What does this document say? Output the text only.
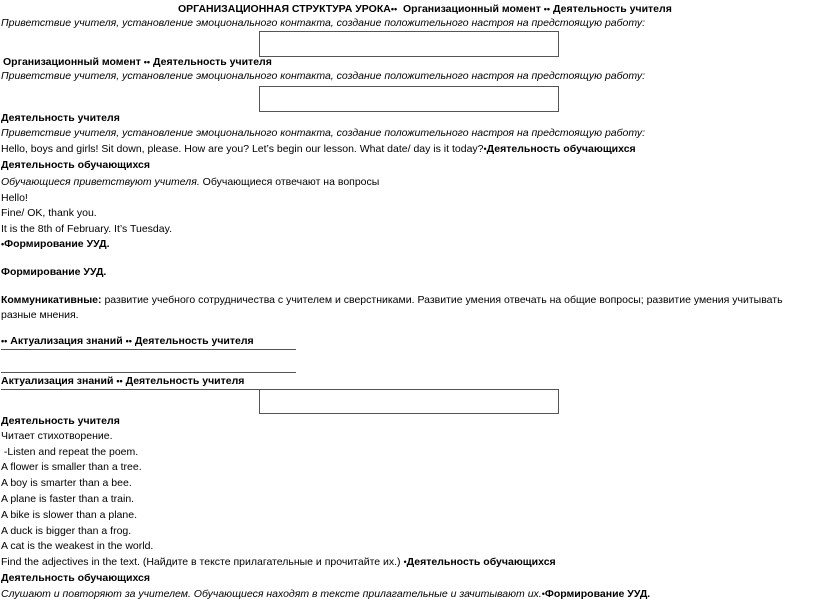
ОРГАНИЗАЦИОННАЯ СТРУКТУРА УРОКА•• Организационный момент •• Деятельность учителя
Приветствие учителя, установление эмоционального контакта, создание положительного настроя на предстоящую работу:
Организационный момент •• Деятельность учителя
Приветствие учителя, установление эмоционального контакта, создание положительного настроя на предстоящую работу:
Деятельность учителя
Приветствие учителя, установление эмоционального контакта, создание положительного настроя на предстоящую работу:
Hello, boys and girls! Sit down, please. How are you? Let’s begin our lesson. What date/ day is it today?•Деятельность обучающихся
Деятельность обучающихся
Обучающиеся приветствуют учителя. Обучающиеся отвечают на вопросы
Hello!
Fine/ OK, thank you.
It is the 8th of February. It’s Tuesday.
•Формирование УУД.
Формирование УУД.
Коммуникативные: развитие учебного сотрудничества с учителем и сверстниками. Развитие умения отвечать на общие вопросы; развитие умения учитывать разные мнения.
•• Актуализация знаний •• Деятельность учителя
Актуализация знаний •• Деятельность учителя
Деятельность учителя
Читает стихотворение.
-Listen and repeat the poem.
A flower is smaller than a tree.
A boy is smarter than a bee.
A plane is faster than a train.
A bike is slower than a plane.
A duck is bigger than a frog.
A cat is the weakest in the world.
Find the adjectives in the text. (Найдите в тексте прилагательные и прочитайте их.) •Деятельность обучающихся
Деятельность обучающихся
Слушают и повторяют за учителем. Обучающиеся находят в тексте прилагательные и зачитывают их.•Формирование УУД.
